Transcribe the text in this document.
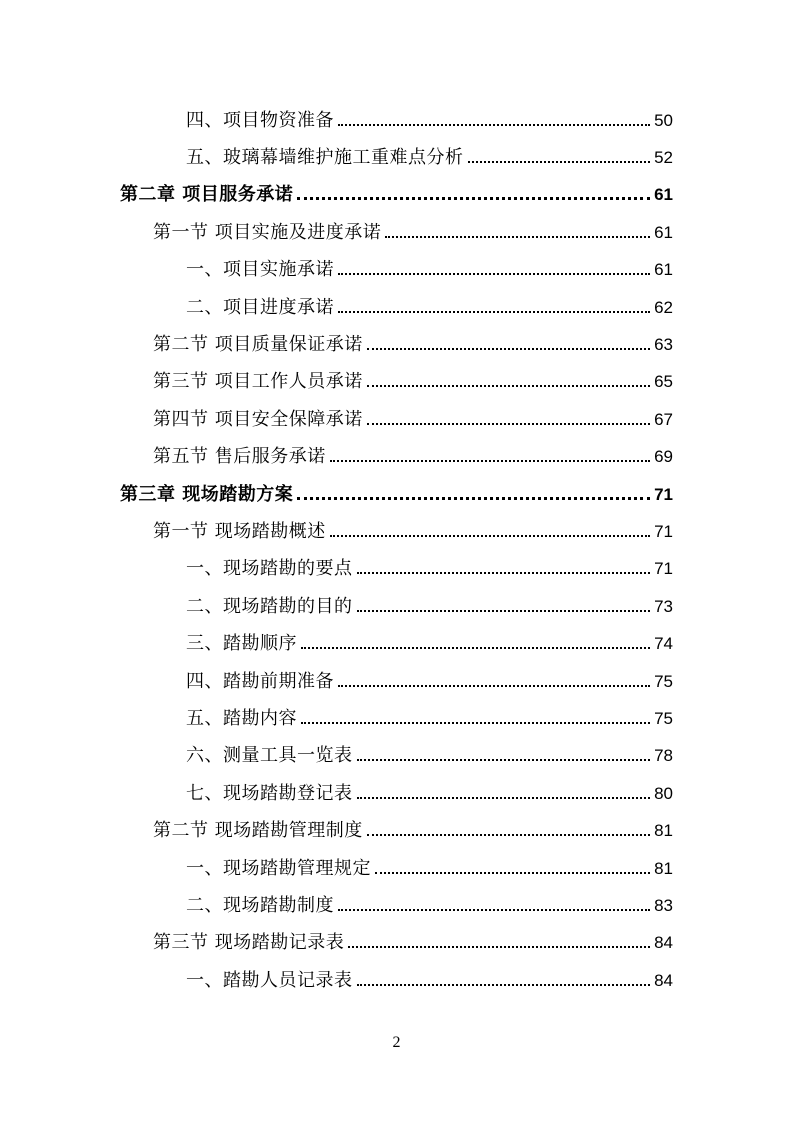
四、项目物资准备	50
五、玻璃幕墙维护施工重难点分析	52
第二章 项目服务承诺	61
第一节 项目实施及进度承诺	61
一、项目实施承诺	61
二、项目进度承诺	62
第二节 项目质量保证承诺	63
第三节 项目工作人员承诺	65
第四节 项目安全保障承诺	67
第五节 售后服务承诺	69
第三章 现场踏勘方案	71
第一节 现场踏勘概述	71
一、现场踏勘的要点	71
二、现场踏勘的目的	73
三、踏勘顺序	74
四、踏勘前期准备	75
五、踏勘内容	75
六、测量工具一览表	78
七、现场踏勘登记表	80
第二节 现场踏勘管理制度	81
一、现场踏勘管理规定	81
二、现场踏勘制度	83
第三节 现场踏勘记录表	84
一、踏勘人员记录表	84
2
